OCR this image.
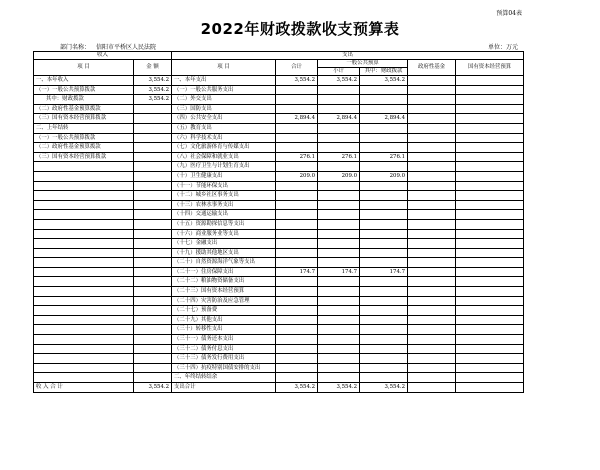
预算04表
2022年财政拨款收支预算表
部门名称： 信阳市平桥区人民法院	单位：万元
收入		支出					
项 目	金 额	项 目	合计	一般公共预算		政府性基金	国有资本经营预算
				小计	其中：财政拨款		
一、本年收入	3,554.2	一、本年支出	3,554.2	3,554.2	3,554.2		
（一）一般公共预算拨款	3,554.2	（一）一般公共服务支出					
其中：财政拨款	3,554.2	（二）外交支出					
（二）政府性基金预算拨款		（三）国防支出					
（三）国有资本经营预算拨款		（四）公共安全支出	2,894.4	2,894.4	2,894.4		
二、上年结转		（五）教育支出					
（一）一般公共预算拨款		（六）科学技术支出					
（二）政府性基金预算拨款		（七）文化旅游体育与传媒支出					
（三）国有资本经营预算拨款		（八）社会保障和就业支出	276.1	276.1	276.1		
		（九）医疗卫生与计划生育支出					
		（十）卫生健康支出	209.0	209.0	209.0		
		（十一）节能环保支出					
		（十二）城乡社区事务支出					
		（十三）农林水事务支出					
		（十四）交通运输支出					
		（十五）资源勘探信息等支出					
		（十六）商业服务业等支出					
		（十七）金融支出					
		（十九）援助其他地区支出					
		（二十）自然资源海洋气象等支出					
		（二十一）住房保障支出	174.7	174.7	174.7		
		（二十二）粮油物资储备支出					
		（二十三）国有资本经营预算					
		（二十四）灾害防治及应急管理					
		（二十七）预备费					
		（二十九）其他支出					
		（三十）转移性支出					
		（三十一）债务还本支出					
		（三十二）债务付息支出					
		（三十三）债务发行费用支出					
		（三十四）抗疫特别国债安排的支出					
		二、年终结转结余					
收 入 合 计	3,554.2	支出合计	3,554.2	3,554.2	3,554.2		
